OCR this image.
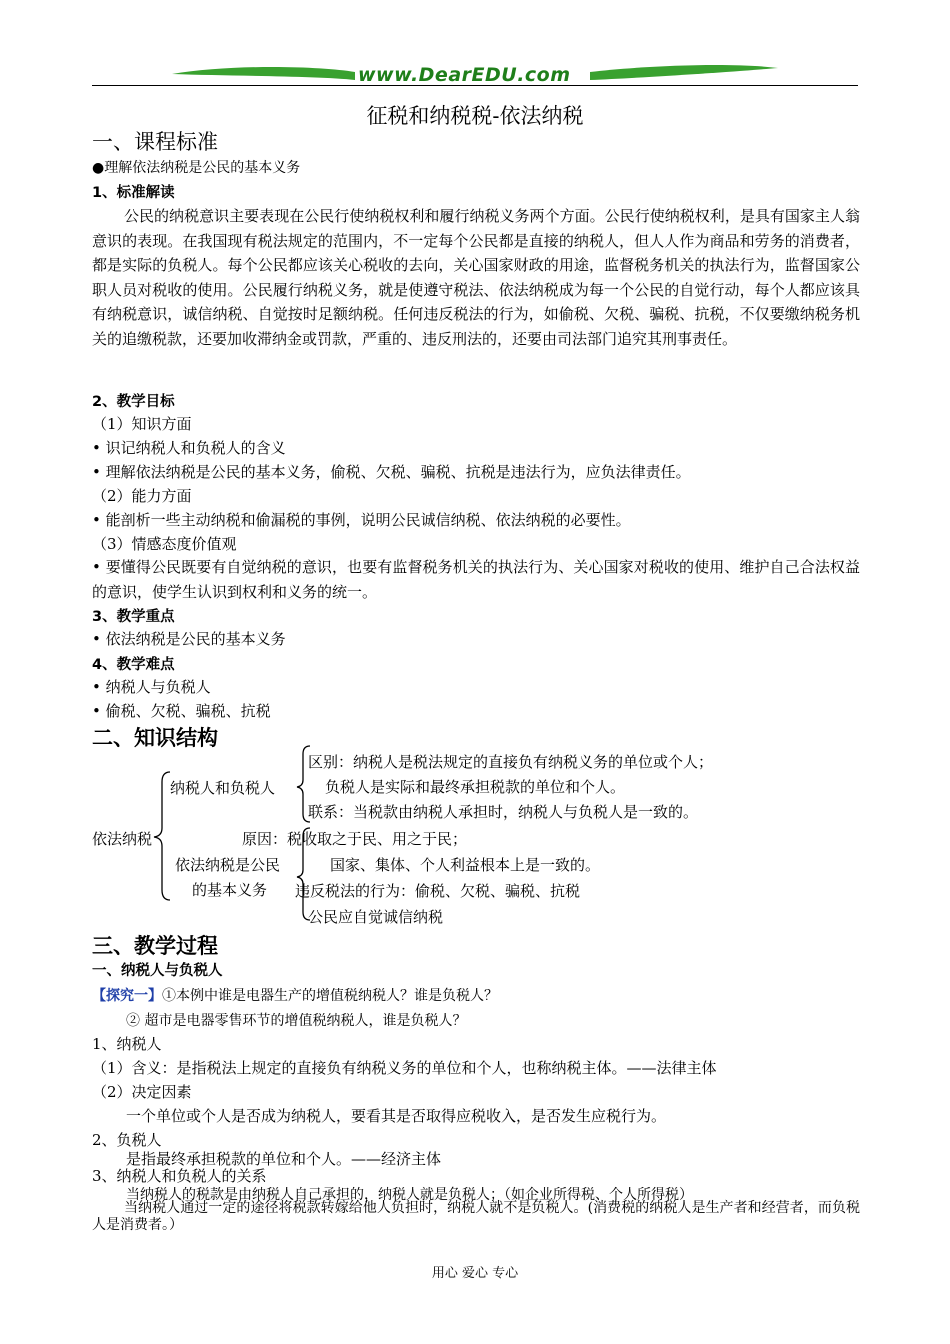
www.DearEDU.com
征税和纳税税-依法纳税
一、课程标准
●理解依法纳税是公民的基本义务
1、标准解读
公民的纳税意识主要表现在公民行使纳税权利和履行纳税义务两个方面。公民行使纳税权利，是具有国家主人翁意识的表现。在我国现有税法规定的范围内，不一定每个公民都是直接的纳税人，但人人作为商品和劳务的消费者，都是实际的负税人。每个公民都应该关心税收的去向，关心国家财政的用途，监督税务机关的执法行为，监督国家公职人员对税收的使用。公民履行纳税义务，就是使遵守税法、依法纳税成为每一个公民的自觉行动，每个人都应该具有纳税意识，诚信纳税、自觉按时足额纳税。任何违反税法的行为，如偷税、欠税、骗税、抗税，不仅要缴纳税务机关的追缴税款，还要加收滞纳金或罚款，严重的、违反刑法的，还要由司法部门追究其刑事责任。
2、教学目标
（1）知识方面
• 识记纳税人和负税人的含义
• 理解依法纳税是公民的基本义务，偷税、欠税、骗税、抗税是违法行为，应负法律责任。
（2）能力方面
• 能剖析一些主动纳税和偷漏税的事例，说明公民诚信纳税、依法纳税的必要性。
（3）情感态度价值观
• 要懂得公民既要有自觉纳税的意识，也要有监督税务机关的执法行为、关心国家对税收的使用、维护自己合法权益的意识，使学生认识到权利和义务的统一。
3、教学重点
• 依法纳税是公民的基本义务
4、教学难点
• 纳税人与负税人
• 偷税、欠税、骗税、抗税
二、知识结构
依法纳税
纳税人和负税人
区别：纳税人是税法规定的直接负有纳税义务的单位或个人；
负税人是实际和最终承担税款的单位和个人。
联系：当税款由纳税人承担时，纳税人与负税人是一致的。
原因：税收取之于民、用之于民；
依法纳税是公民
的基本义务
国家、集体、个人利益根本上是一致的。
违反税法的行为：偷税、欠税、骗税、抗税
公民应自觉诚信纳税
三、教学过程
一、纳税人与负税人
【探究一】①本例中谁是电器生产的增值税纳税人？谁是负税人？
② 超市是电器零售环节的增值税纳税人，谁是负税人？
1、纳税人
（1）含义：是指税法上规定的直接负有纳税义务的单位和个人，也称纳税主体。——法律主体
（2）决定因素
一个单位或个人是否成为纳税人，要看其是否取得应税收入，是否发生应税行为。
2、负税人
是指最终承担税款的单位和个人。——经济主体
3、纳税人和负税人的关系
当纳税人的税款是由纳税人自己承担的，纳税人就是负税人；（如企业所得税、个人所得税）
当纳税人通过一定的途径将税款转嫁给他人负担时，纳税人就不是负税人。(消费税的纳税人是生产者和经营者，而负税人是消费者。）
用心 爱心 专心
